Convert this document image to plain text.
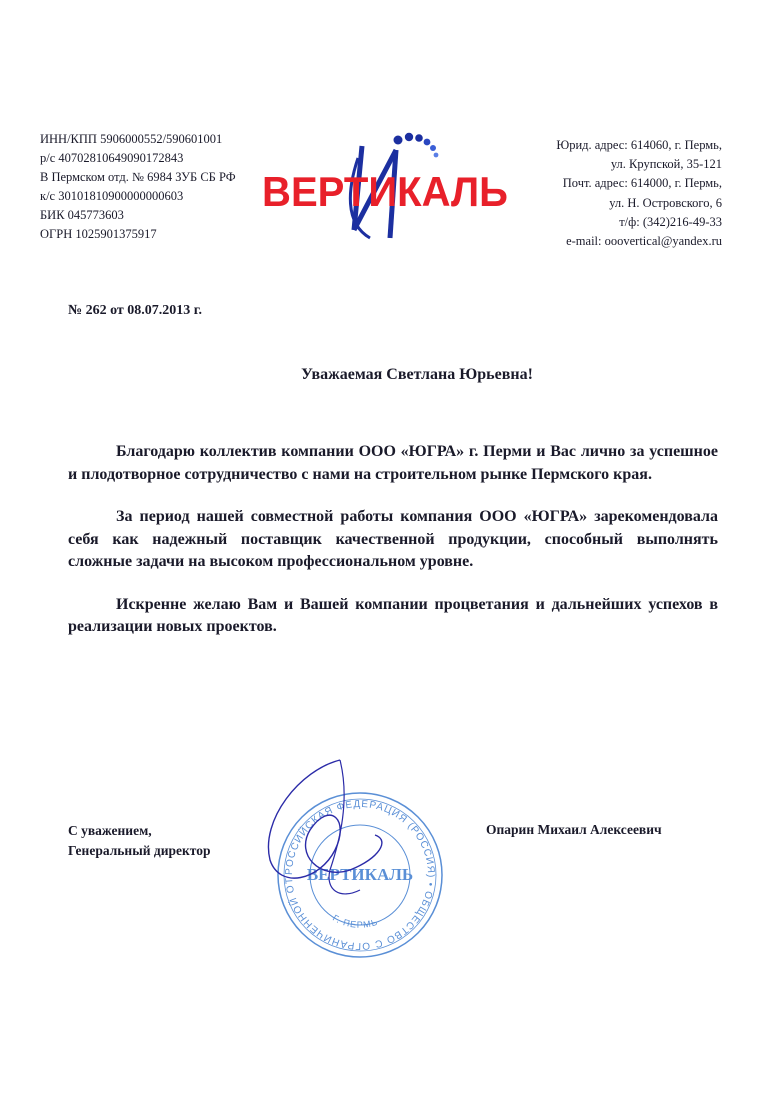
ИНН/КПП 5906000552/590601001
р/с 40702810649090172843
В Пермском отд. № 6984 ЗУБ СБ РФ
к/с 30101810900000000603
БИК 045773603
ОГРН 1025901375917
ВЕРТИКАЛЬ
Юрид. адрес: 614060, г. Пермь,
ул. Крупской, 35-121
Почт. адрес: 614000, г. Пермь,
ул. Н. Островского, 6
т/ф: (342)216-49-33
e-mail: ooovertical@yandex.ru
№ 262 от 08.07.2013 г.
Уважаемая Светлана Юрьевна!

Благодарю коллектив компании ООО «ЮГРА» г. Перми и Вас лично за успешное и плодотворное сотрудничество с нами на строительном рынке Пермского края.

За период нашей совместной работы компания ООО «ЮГРА» зарекомендовала себя как надежный поставщик качественной продукции, способный выполнять сложные задачи на высоком профессиональном уровне.

Искренне желаю Вам и Вашей компании процветания и дальнейших успехов в реализации новых проектов.

РОССИЙСКАЯ ФЕДЕРАЦИЯ (РОССИЯ) • ОБЩЕСТВО С ОГРАНИЧЕННОЙ ОТ ВЕРТИКАЛЬ
Г. ПЕРМЬ
С уважением,
Генеральный директор
Опарин Михаил Алексеевич
